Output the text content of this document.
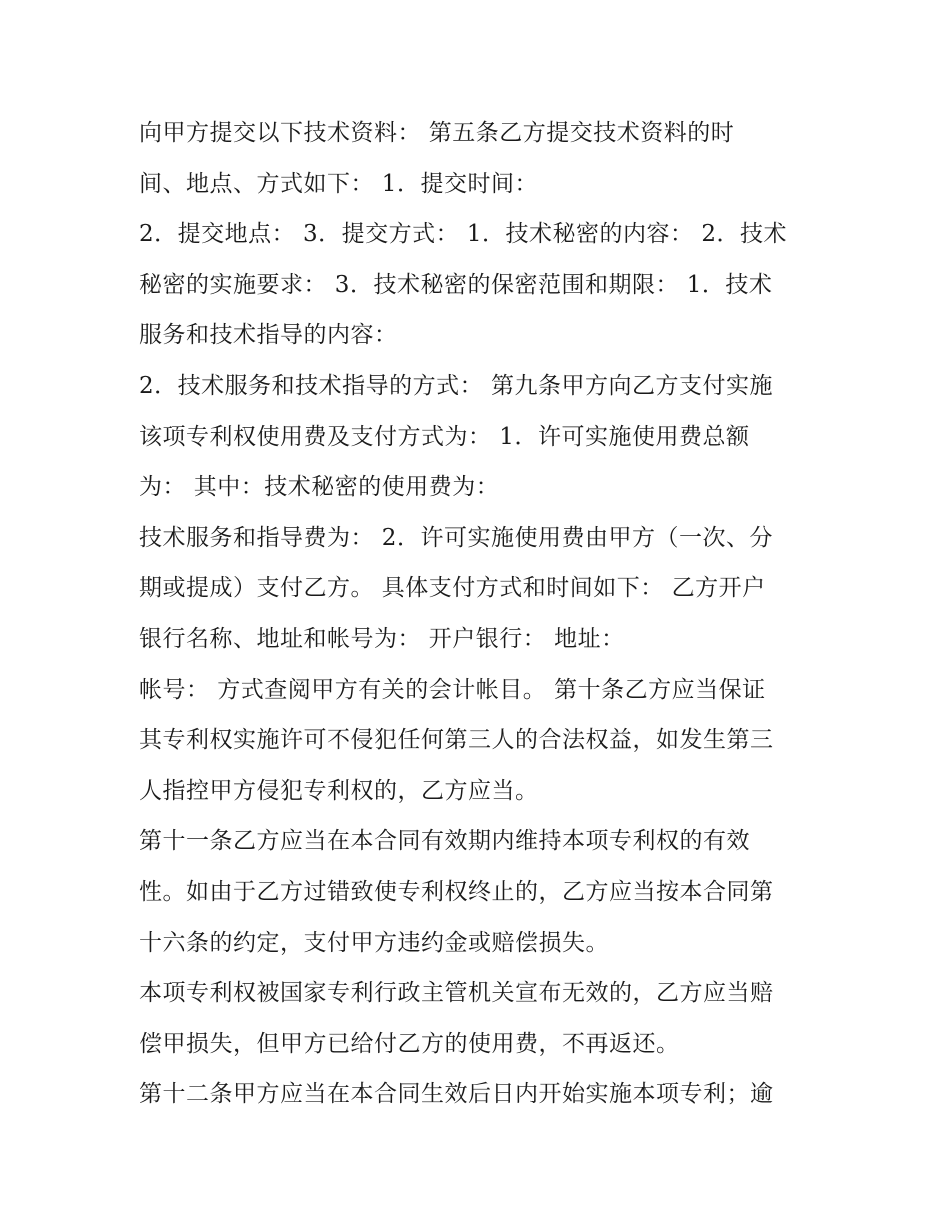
向甲方提交以下技术资料： 第五条乙方提交技术资料的时
间、地点、方式如下： 1．提交时间：
2．提交地点： 3．提交方式： 1．技术秘密的内容： 2．技术
秘密的实施要求： 3．技术秘密的保密范围和期限： 1．技术
服务和技术指导的内容：
2．技术服务和技术指导的方式： 第九条甲方向乙方支付实施
该项专利权使用费及支付方式为： 1．许可实施使用费总额
为： 其中：技术秘密的使用费为：
技术服务和指导费为： 2．许可实施使用费由甲方（一次、分
期或提成）支付乙方。 具体支付方式和时间如下： 乙方开户
银行名称、地址和帐号为： 开户银行： 地址：
帐号： 方式查阅甲方有关的会计帐目。 第十条乙方应当保证
其专利权实施许可不侵犯任何第三人的合法权益，如发生第三
人指控甲方侵犯专利权的，乙方应当。
第十一条乙方应当在本合同有效期内维持本项专利权的有效
性。如由于乙方过错致使专利权终止的，乙方应当按本合同第
十六条的约定，支付甲方违约金或赔偿损失。
本项专利权被国家专利行政主管机关宣布无效的，乙方应当赔
偿甲损失，但甲方已给付乙方的使用费，不再返还。
第十二条甲方应当在本合同生效后日内开始实施本项专利；逾
